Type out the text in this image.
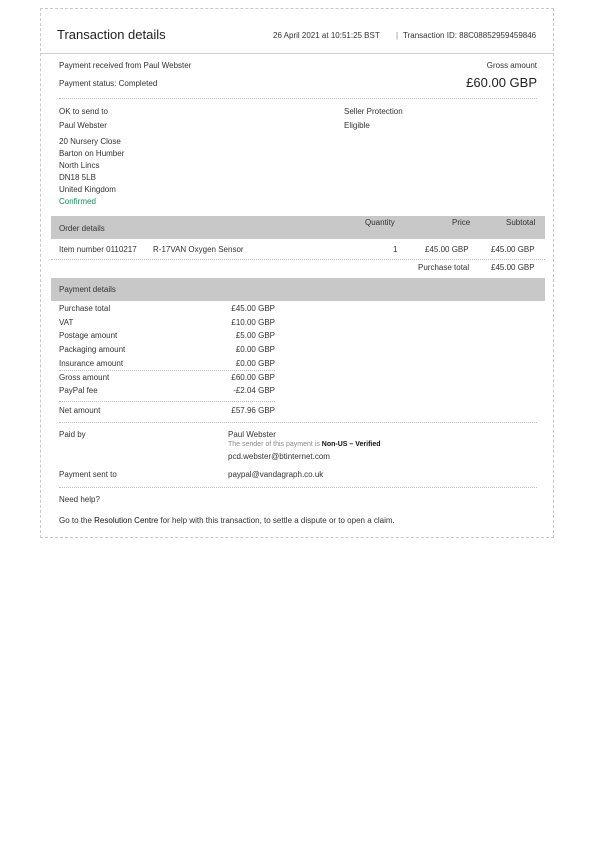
Transaction details	26 April 2021 at 10:51:25 BST | Transaction ID: 88C08852959459846
Payment received from Paul Webster
Payment status: Completed
Gross amount
£60.00 GBP
OK to send to
Paul Webster
20 Nursery Close
Barton on Humber
North Lincs
DN18 5LB
United Kingdom
Confirmed
Seller Protection
Eligible
Order details
Quantity	Price	Subtotal
Item number 0110217 R-17VAN Oxygen Sensor	1	£45.00 GBP	£45.00 GBP
Purchase total	£45.00 GBP
Payment details
Purchase total	£45.00 GBP
VAT	£10.00 GBP
Postage amount	£5.00 GBP
Packaging amount	£0.00 GBP
Insurance amount	£0.00 GBP
Gross amount	£60.00 GBP
PayPal fee	-£2.04 GBP
Net amount	£57.96 GBP
Paid by	Paul Webster
The sender of this payment is Non-US – Verified
pcd.webster@btinternet.com
Payment sent to	paypal@vandagraph.co.uk
Need help?
Go to the Resolution Centre for help with this transaction, to settle a dispute or to open a claim.
